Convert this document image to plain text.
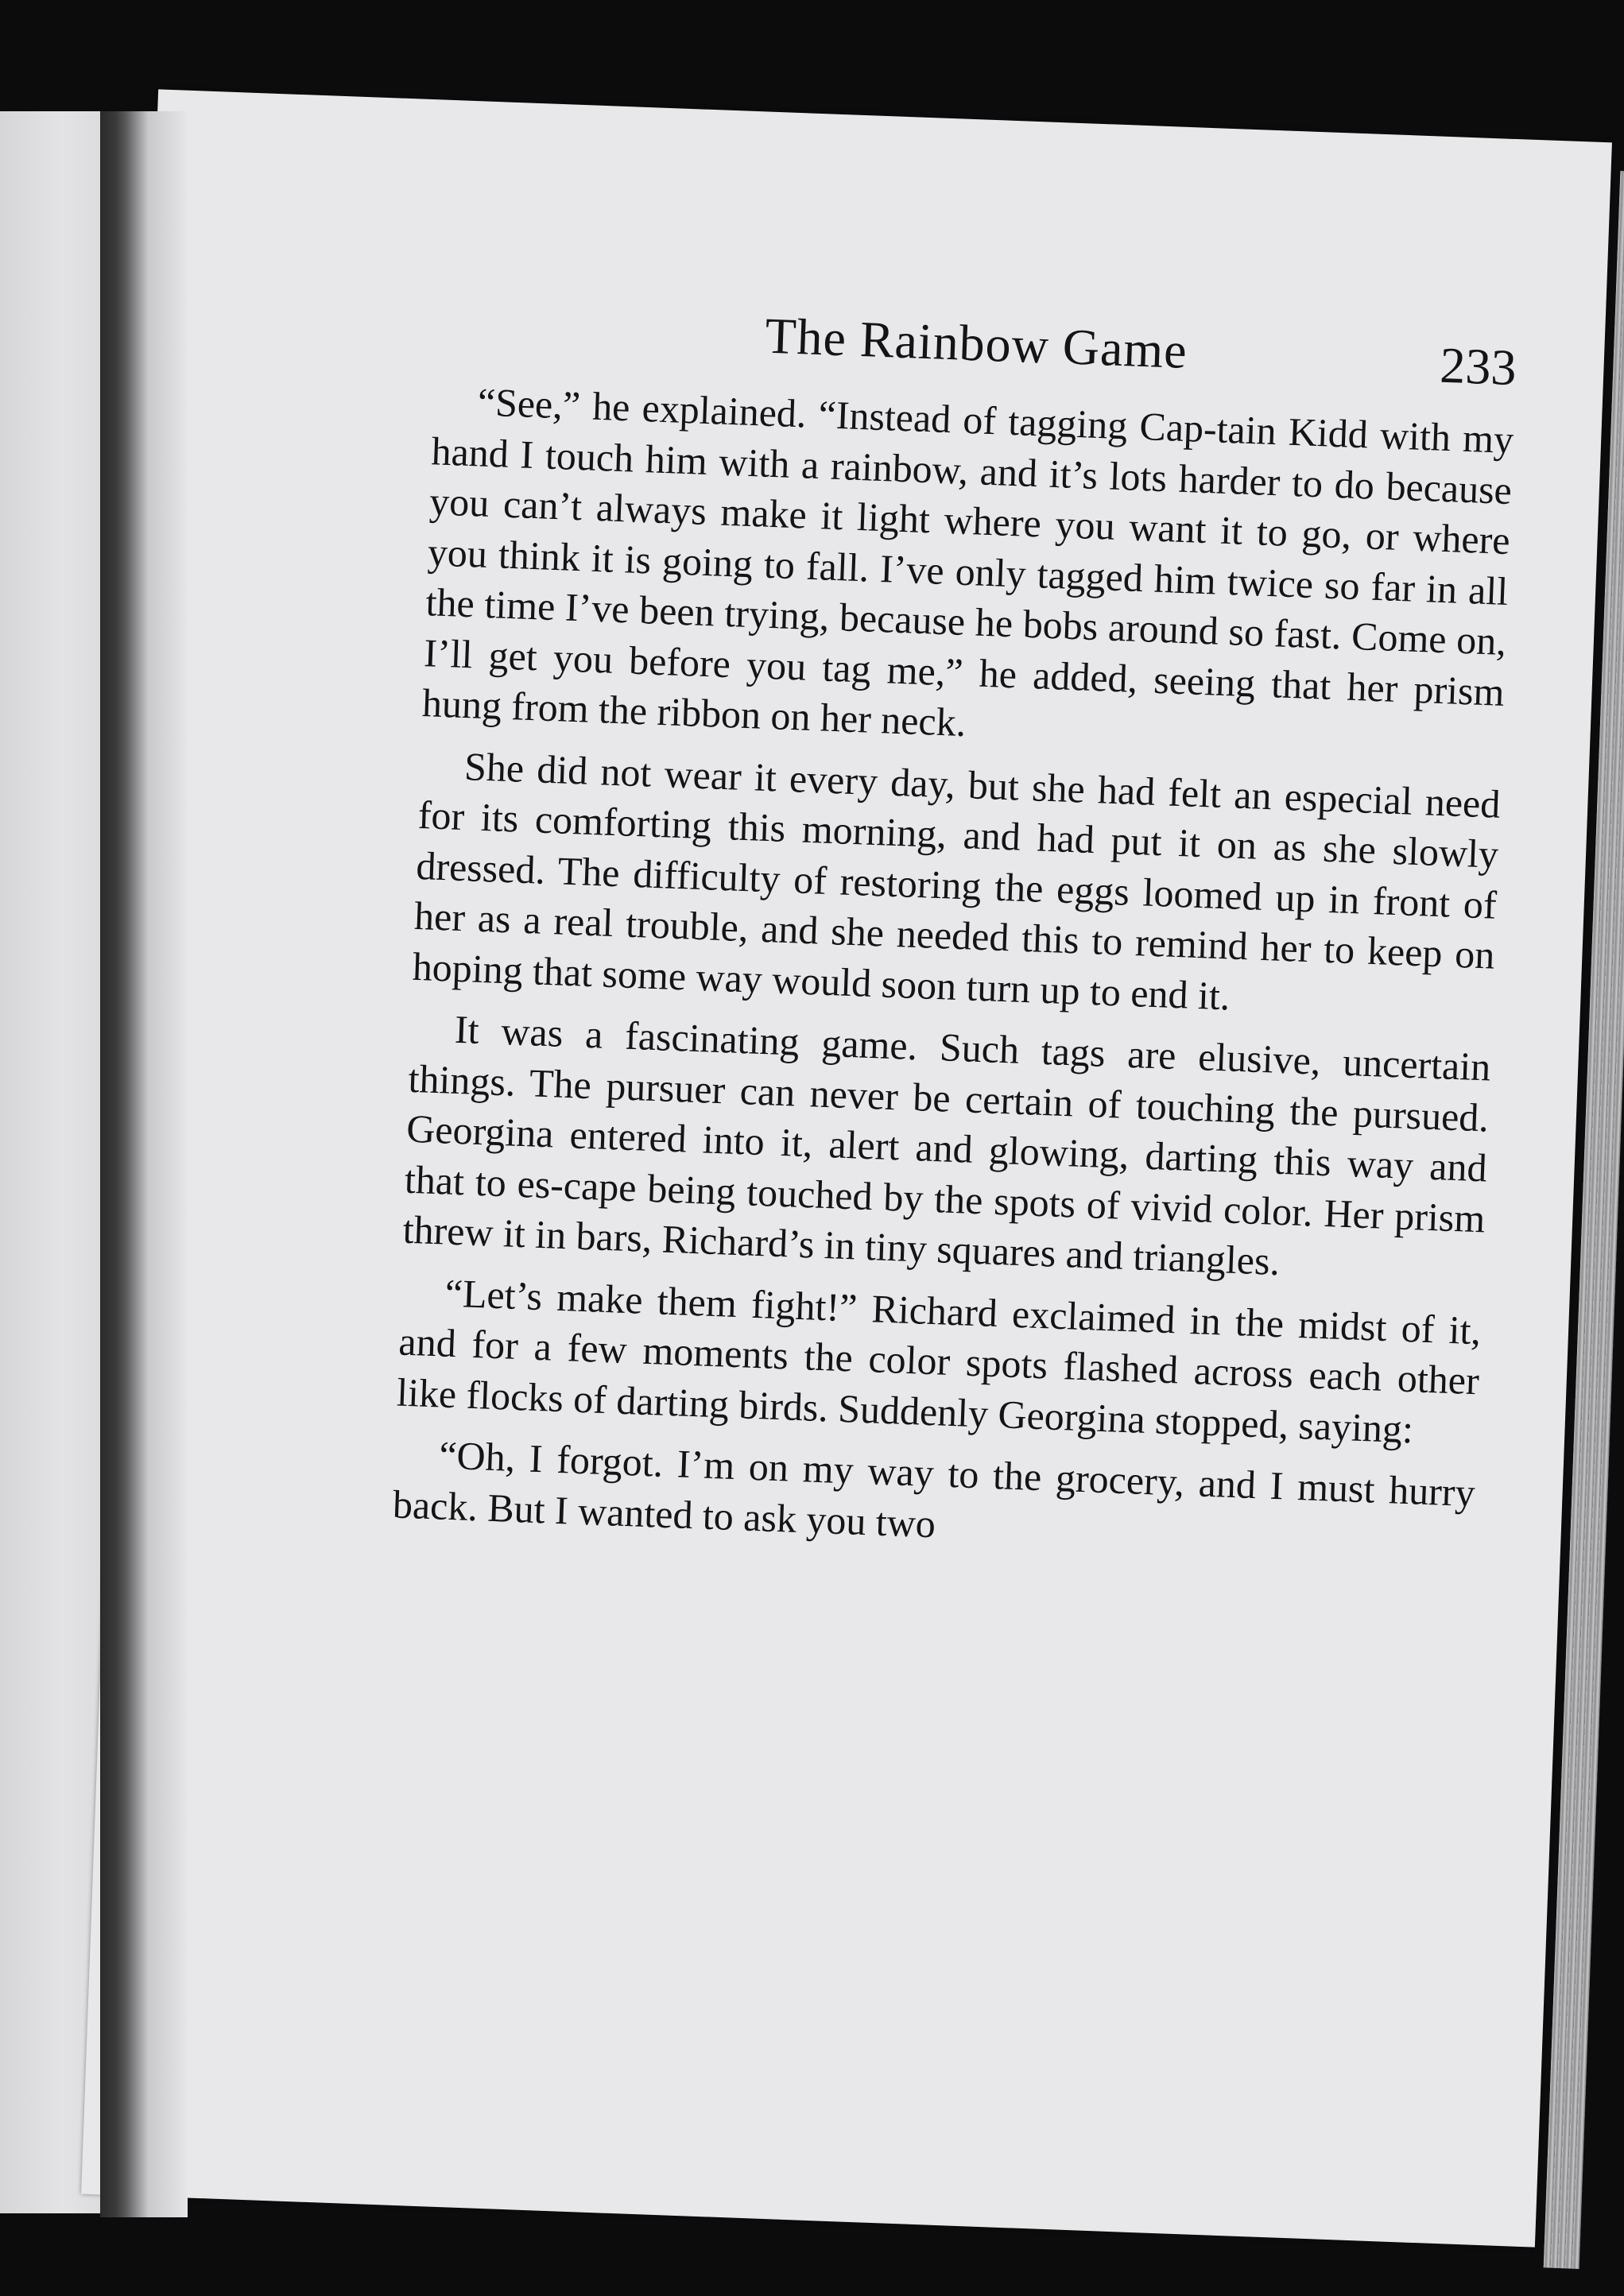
The Rainbow Game	233

“See,” he explained. “Instead of tagging Cap-tain Kidd with my hand I touch him with a rainbow, and it’s lots harder to do because you can’t always make it light where you want it to go, or where you think it is going to fall. I’ve only tagged him twice so far in all the time I’ve been trying, because he bobs around so fast. Come on, I’ll get you before you tag me,” he added, seeing that her prism hung from the ribbon on her neck.

She did not wear it every day, but she had felt an especial need for its comforting this morning, and had put it on as she slowly dressed. The difficulty of restoring the eggs loomed up in front of her as a real trouble, and she needed this to remind her to keep on hoping that some way would soon turn up to end it.

It was a fascinating game. Such tags are elusive, uncertain things. The pursuer can never be certain of touching the pursued. Georgina entered into it, alert and glowing, darting this way and that to es-cape being touched by the spots of vivid color. Her prism threw it in bars, Richard’s in tiny squares and triangles.

“Let’s make them fight!” Richard exclaimed in the midst of it, and for a few moments the color spots flashed across each other like flocks of darting birds. Suddenly Georgina stopped, saying:

“Oh, I forgot. I’m on my way to the grocery, and I must hurry back. But I wanted to ask you two
